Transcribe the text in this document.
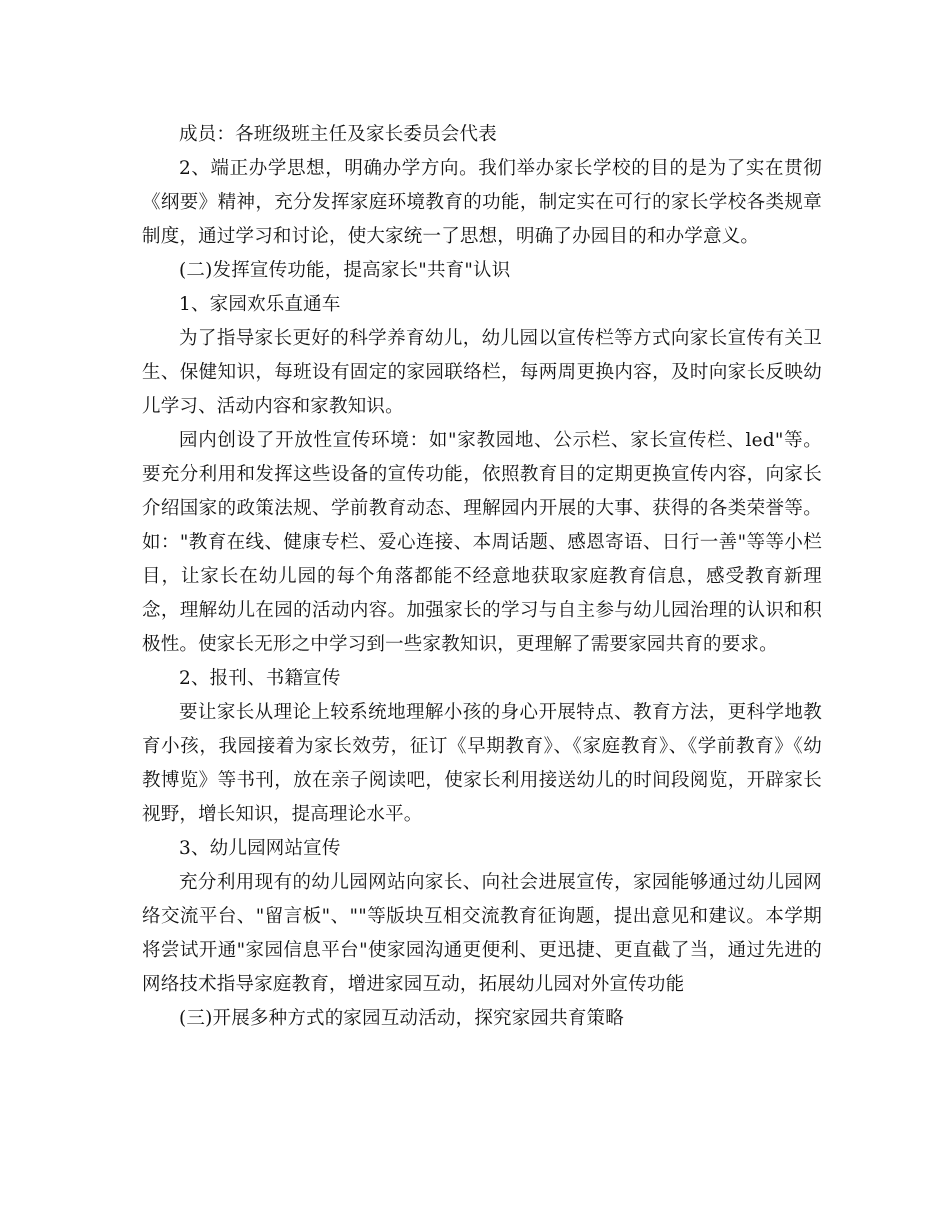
成员：各班级班主任及家长委员会代表

2、端正办学思想，明确办学方向。我们举办家长学校的目的是为了实在贯彻《纲要》精神，充分发挥家庭环境教育的功能，制定实在可行的家长学校各类规章制度，通过学习和讨论，使大家统一了思想，明确了办园目的和办学意义。

(二)发挥宣传功能，提高家长"共育"认识

1、家园欢乐直通车

为了指导家长更好的科学养育幼儿，幼儿园以宣传栏等方式向家长宣传有关卫生、保健知识，每班设有固定的家园联络栏，每两周更换内容，及时向家长反映幼儿学习、活动内容和家教知识。

园内创设了开放性宣传环境：如"家教园地、公示栏、家长宣传栏、led"等。要充分利用和发挥这些设备的宣传功能，依照教育目的定期更换宣传内容，向家长介绍国家的政策法规、学前教育动态、理解园内开展的大事、获得的各类荣誉等。如："教育在线、健康专栏、爱心连接、本周话题、感恩寄语、日行一善"等等小栏目，让家长在幼儿园的每个角落都能不经意地获取家庭教育信息，感受教育新理念，理解幼儿在园的活动内容。加强家长的学习与自主参与幼儿园治理的认识和积极性。使家长无形之中学习到一些家教知识，更理解了需要家园共育的要求。

2、报刊、书籍宣传

要让家长从理论上较系统地理解小孩的身心开展特点、教育方法，更科学地教育小孩，我园接着为家长效劳，征订《早期教育》、《家庭教育》、《学前教育》《幼教博览》等书刊，放在亲子阅读吧，使家长利用接送幼儿的时间段阅览，开辟家长视野，增长知识，提高理论水平。

3、幼儿园网站宣传

充分利用现有的幼儿园网站向家长、向社会进展宣传，家园能够通过幼儿园网络交流平台、"留言板"、""等版块互相交流教育征询题，提出意见和建议。本学期将尝试开通"家园信息平台"使家园沟通更便利、更迅捷、更直截了当，通过先进的网络技术指导家庭教育，增进家园互动，拓展幼儿园对外宣传功能

(三)开展多种方式的家园互动活动，探究家园共育策略
